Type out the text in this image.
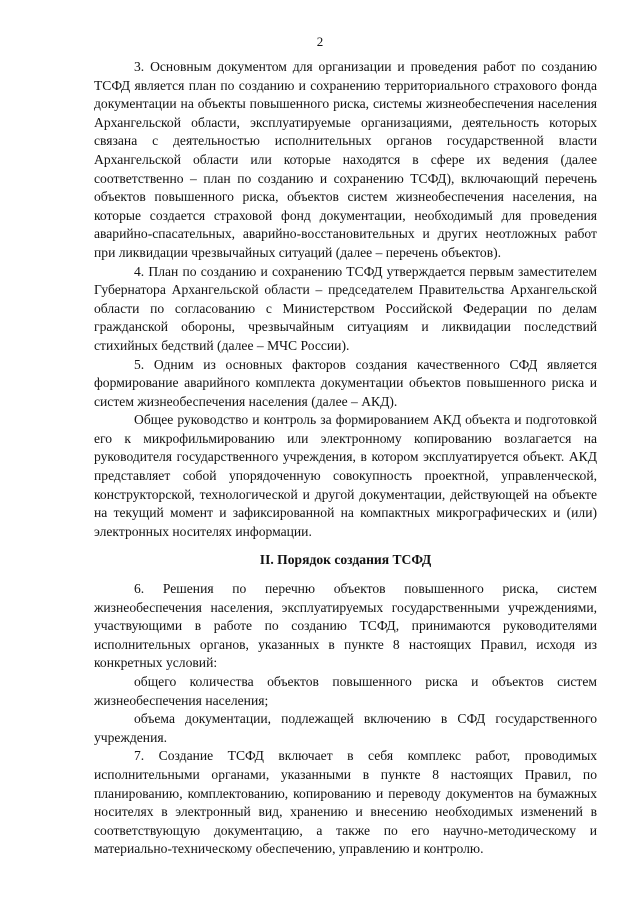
2

3. Основным документом для организации и проведения работ по созданию ТСФД является план по созданию и сохранению территориального страхового фонда документации на объекты повышенного риска, системы жизнеобеспечения населения Архангельской области, эксплуатируемые организациями, деятельность которых связана с деятельностью исполнительных органов государственной власти Архангельской области или которые находятся в сфере их ведения (далее соответственно – план по созданию и сохранению ТСФД), включающий перечень объектов повышенного риска, объектов систем жизнеобеспечения населения, на которые создается страховой фонд документации, необходимый для проведения аварийно-спасательных, аварийно-восстановительных и других неотложных работ при ликвидации чрезвычайных ситуаций (далее – перечень объектов).

4. План по созданию и сохранению ТСФД утверждается первым заместителем Губернатора Архангельской области – председателем Правительства Архангельской области по согласованию с Министерством Российской Федерации по делам гражданской обороны, чрезвычайным ситуациям и ликвидации последствий стихийных бедствий (далее – МЧС России).

5. Одним из основных факторов создания качественного СФД является формирование аварийного комплекта документации объектов повышенного риска и систем жизнеобеспечения населения (далее – АКД).

Общее руководство и контроль за формированием АКД объекта и подготовкой его к микрофильмированию или электронному копированию возлагается на руководителя государственного учреждения, в котором эксплуатируется объект. АКД представляет собой упорядоченную совокупность проектной, управленческой, конструкторской, технологической и другой документации, действующей на объекте на текущий момент и зафиксированной на компактных микрографических и (или) электронных носителях информации.

II. Порядок создания ТСФД

6. Решения по перечню объектов повышенного риска, систем жизнеобеспечения населения, эксплуатируемых государственными учреждениями, участвующими в работе по созданию ТСФД, принимаются руководителями исполнительных органов, указанных в пункте 8 настоящих Правил, исходя из конкретных условий:

общего количества объектов повышенного риска и объектов систем жизнеобеспечения населения;

объема документации, подлежащей включению в СФД государственного учреждения.

7. Создание ТСФД включает в себя комплекс работ, проводимых исполнительными органами, указанными в пункте 8 настоящих Правил, по планированию, комплектованию, копированию и переводу документов на бумажных носителях в электронный вид, хранению и внесению необходимых изменений в соответствующую документацию, а также по его научно-методическому и материально-техническому обеспечению, управлению и контролю.
